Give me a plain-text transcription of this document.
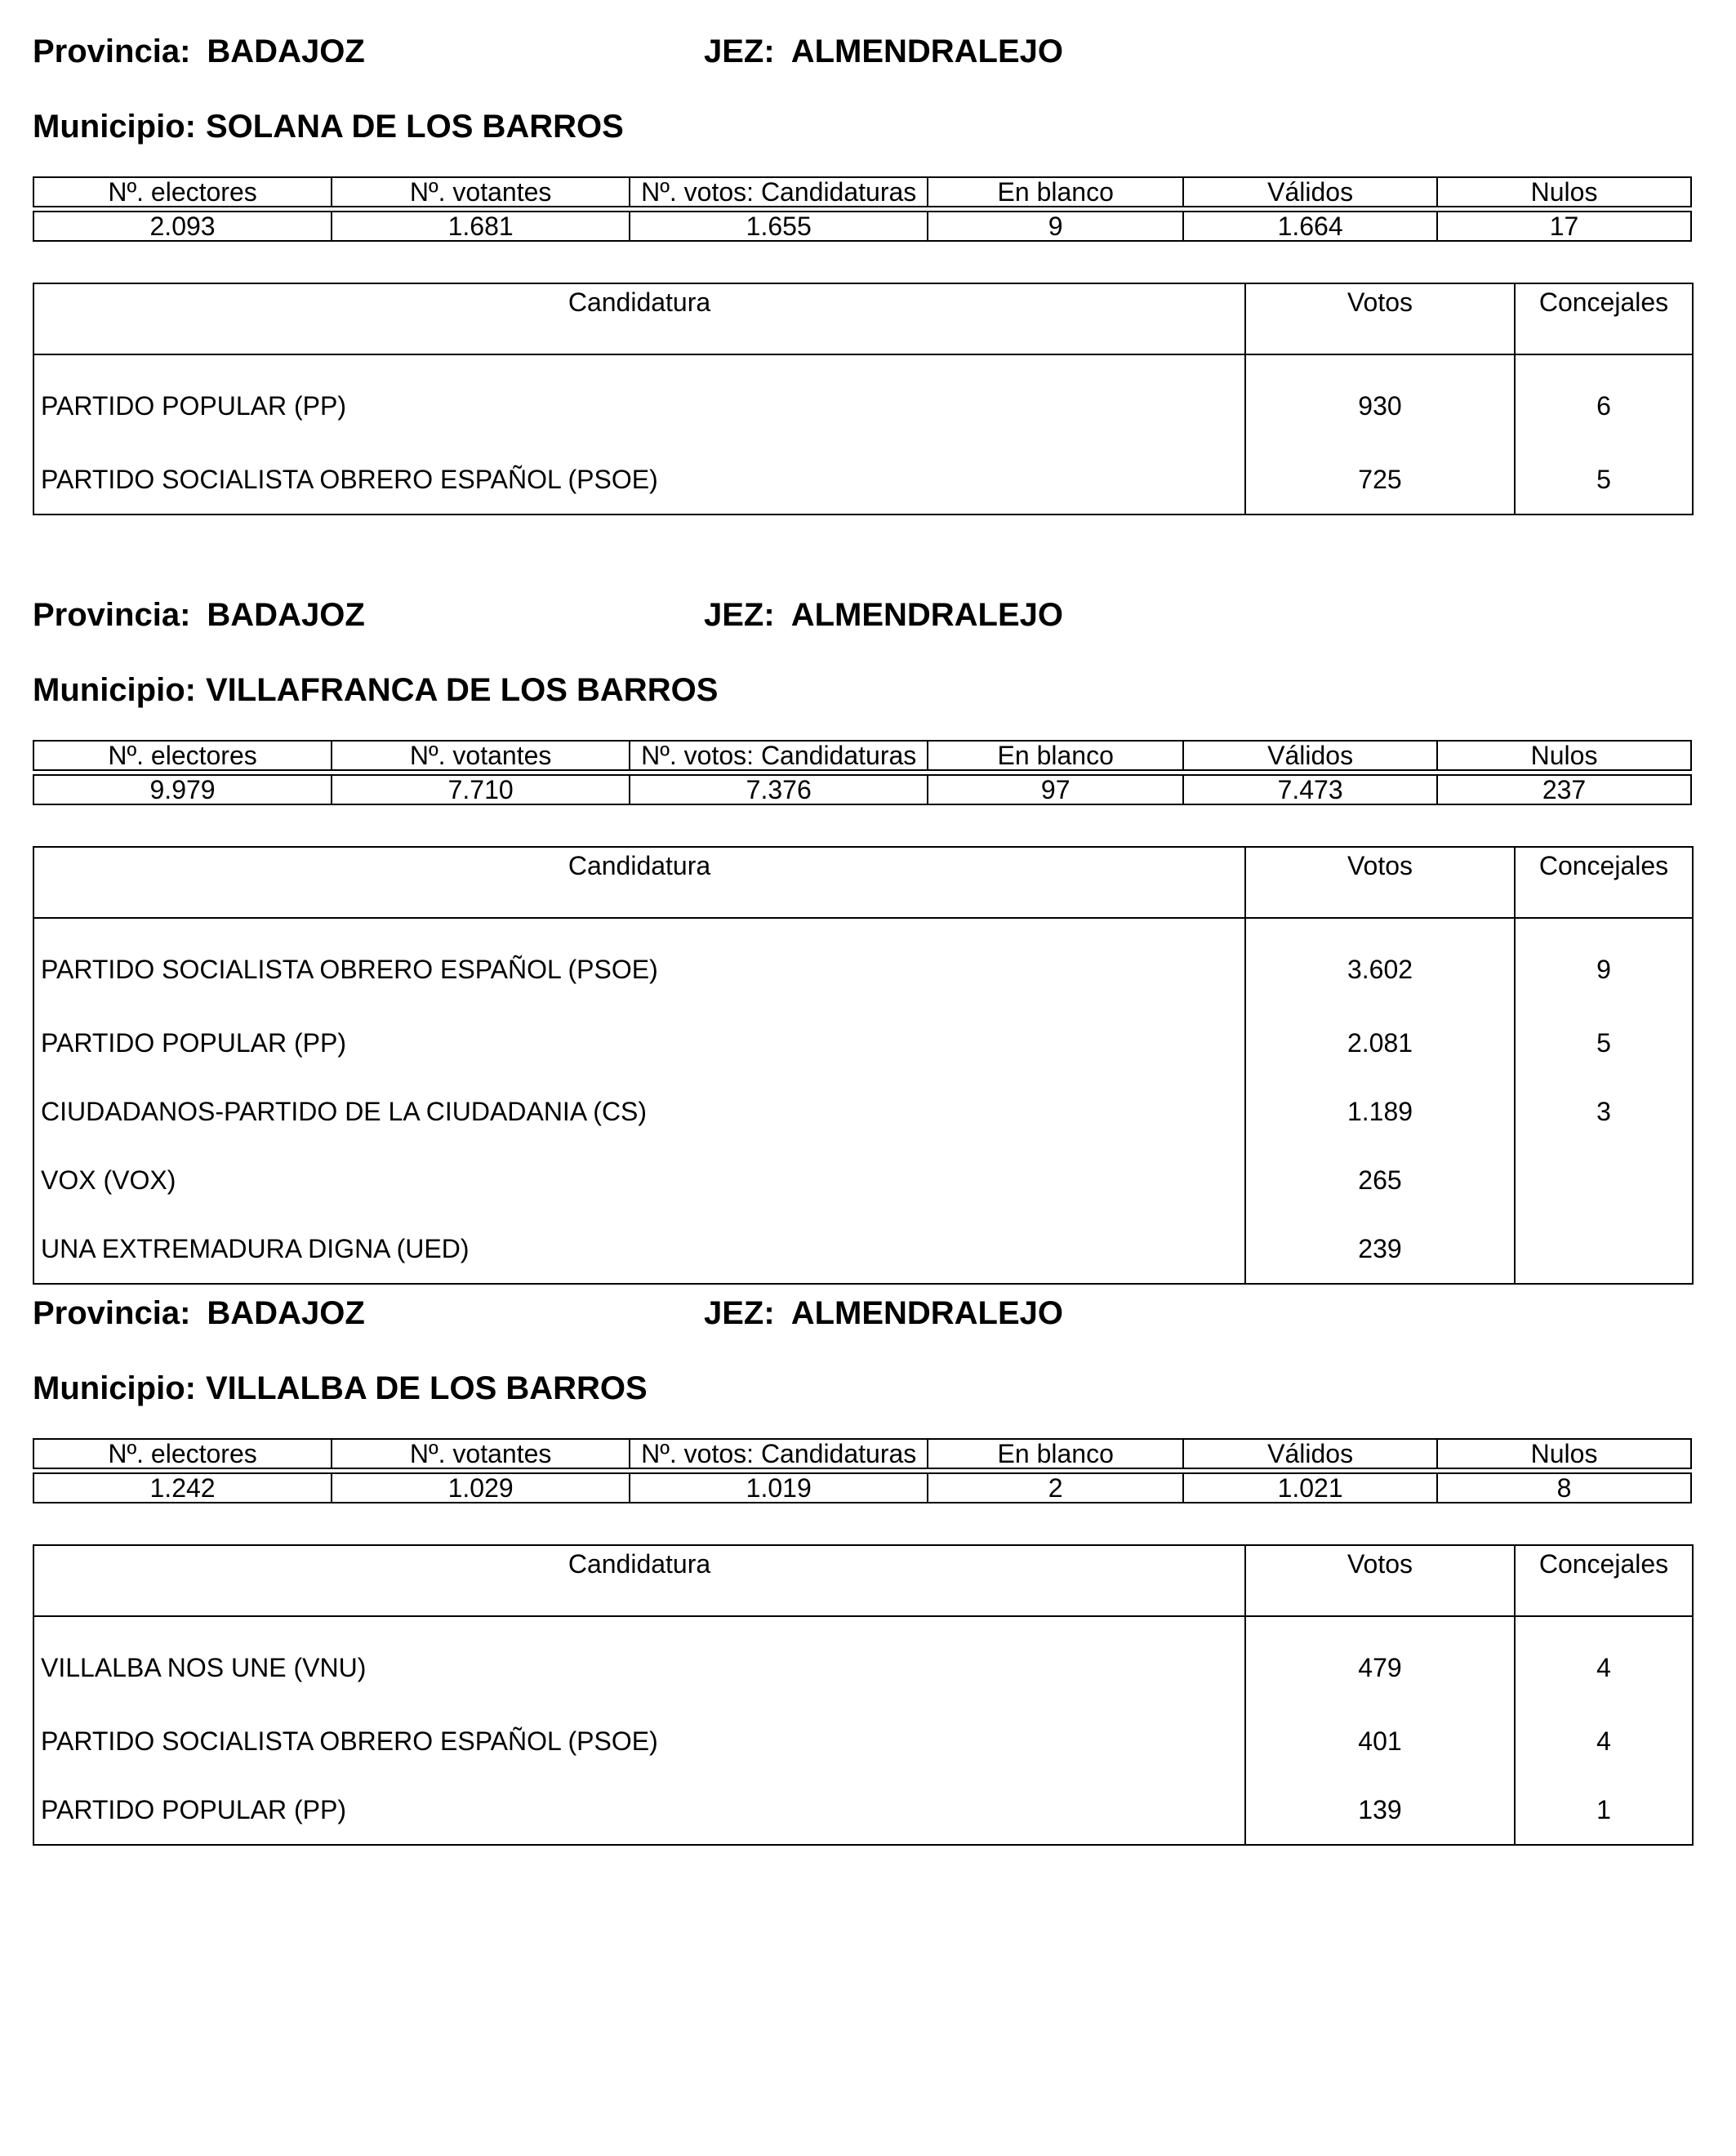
Provincia: BADAJOZ	JEZ: ALMENDRALEJO
Municipio: SOLANA DE LOS BARROS
Nº. electores	Nº. votantes	Nº. votos: Candidaturas	En blanco	Válidos	Nulos

2.093	1.681	1.655	9	1.664	17
Candidatura	Votos	Concejales
PARTIDO POPULAR (PP)	930	6
PARTIDO SOCIALISTA OBRERO ESPAÑOL (PSOE)	725	5
Provincia: BADAJOZ	JEZ: ALMENDRALEJO
Municipio: VILLAFRANCA DE LOS BARROS
Nº. electores	Nº. votantes	Nº. votos: Candidaturas	En blanco	Válidos	Nulos

9.979	7.710	7.376	97	7.473	237
Candidatura	Votos	Concejales
PARTIDO SOCIALISTA OBRERO ESPAÑOL (PSOE)	3.602	9
PARTIDO POPULAR (PP)	2.081	5
CIUDADANOS-PARTIDO DE LA CIUDADANIA (CS)	1.189	3
VOX (VOX)	265	
UNA EXTREMADURA DIGNA (UED)	239	
Provincia: BADAJOZ	JEZ: ALMENDRALEJO
Municipio: VILLALBA DE LOS BARROS
Nº. electores	Nº. votantes	Nº. votos: Candidaturas	En blanco	Válidos	Nulos

1.242	1.029	1.019	2	1.021	8
Candidatura	Votos	Concejales
VILLALBA NOS UNE (VNU)	479	4
PARTIDO SOCIALISTA OBRERO ESPAÑOL (PSOE)	401	4
PARTIDO POPULAR (PP)	139	1
